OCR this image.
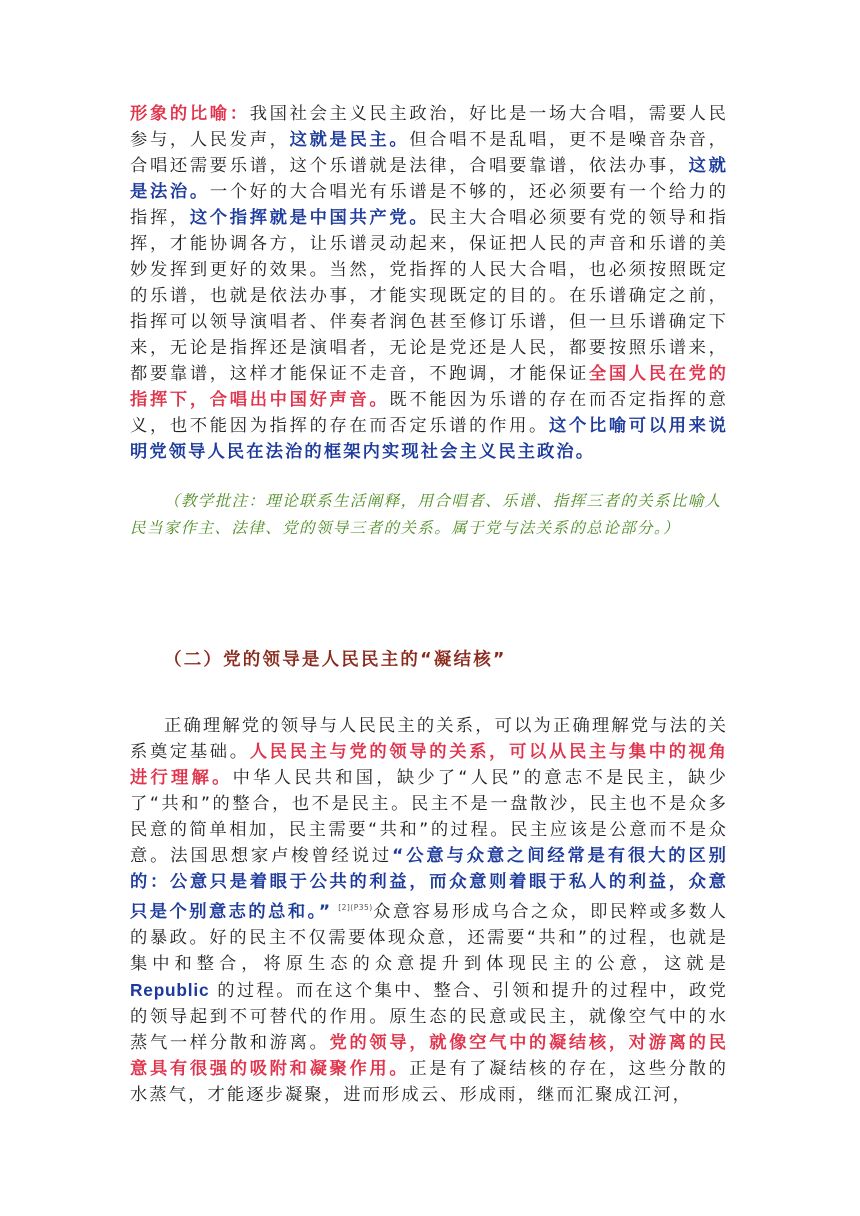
形象的比喻：我国社会主义民主政治，好比是一场大合唱，需要人民参与，人民发声，这就是民主。但合唱不是乱唱，更不是噪音杂音，合唱还需要乐谱，这个乐谱就是法律，合唱要靠谱，依法办事，这就是法治。一个好的大合唱光有乐谱是不够的，还必须要有一个给力的指挥，这个指挥就是中国共产党。民主大合唱必须要有党的领导和指挥，才能协调各方，让乐谱灵动起来，保证把人民的声音和乐谱的美妙发挥到更好的效果。当然，党指挥的人民大合唱，也必须按照既定的乐谱，也就是依法办事，才能实现既定的目的。在乐谱确定之前，指挥可以领导演唱者、伴奏者润色甚至修订乐谱，但一旦乐谱确定下来，无论是指挥还是演唱者，无论是党还是人民，都要按照乐谱来，都要靠谱，这样才能保证不走音，不跑调，才能保证全国人民在党的指挥下，合唱出中国好声音。既不能因为乐谱的存在而否定指挥的意义，也不能因为指挥的存在而否定乐谱的作用。这个比喻可以用来说明党领导人民在法治的框架内实现社会主义民主政治。

（教学批注：理论联系生活阐释，用合唱者、乐谱、指挥三者的关系比喻人民当家作主、法律、党的领导三者的关系。属于党与法关系的总论部分。）

（二）党的领导是人民民主的“凝结核”

正确理解党的领导与人民民主的关系，可以为正确理解党与法的关系奠定基础。人民民主与党的领导的关系，可以从民主与集中的视角进行理解。中华人民共和国，缺少了“人民”的意志不是民主，缺少了“共和”的整合，也不是民主。民主不是一盘散沙，民主也不是众多民意的简单相加，民主需要“共和”的过程。民主应该是公意而不是众意。法国思想家卢梭曾经说过“公意与众意之间经常是有很大的区别的：公意只是着眼于公共的利益，而众意则着眼于私人的利益，众意只是个别意志的总和。” $^{[2](P35)}$众意容易形成乌合之众，即民粹或多数人的暴政。好的民主不仅需要体现众意，还需要“共和”的过程，也就是集中和整合，将原生态的众意提升到体现民主的公意，这就是 Republic 的过程。而在这个集中、整合、引领和提升的过程中，政党的领导起到不可替代的作用。原生态的民意或民主，就像空气中的水蒸气一样分散和游离。党的领导，就像空气中的凝结核，对游离的民意具有很强的吸附和凝聚作用。正是有了凝结核的存在，这些分散的水蒸气，才能逐步凝聚，进而形成云、形成雨，继而汇聚成江河，
